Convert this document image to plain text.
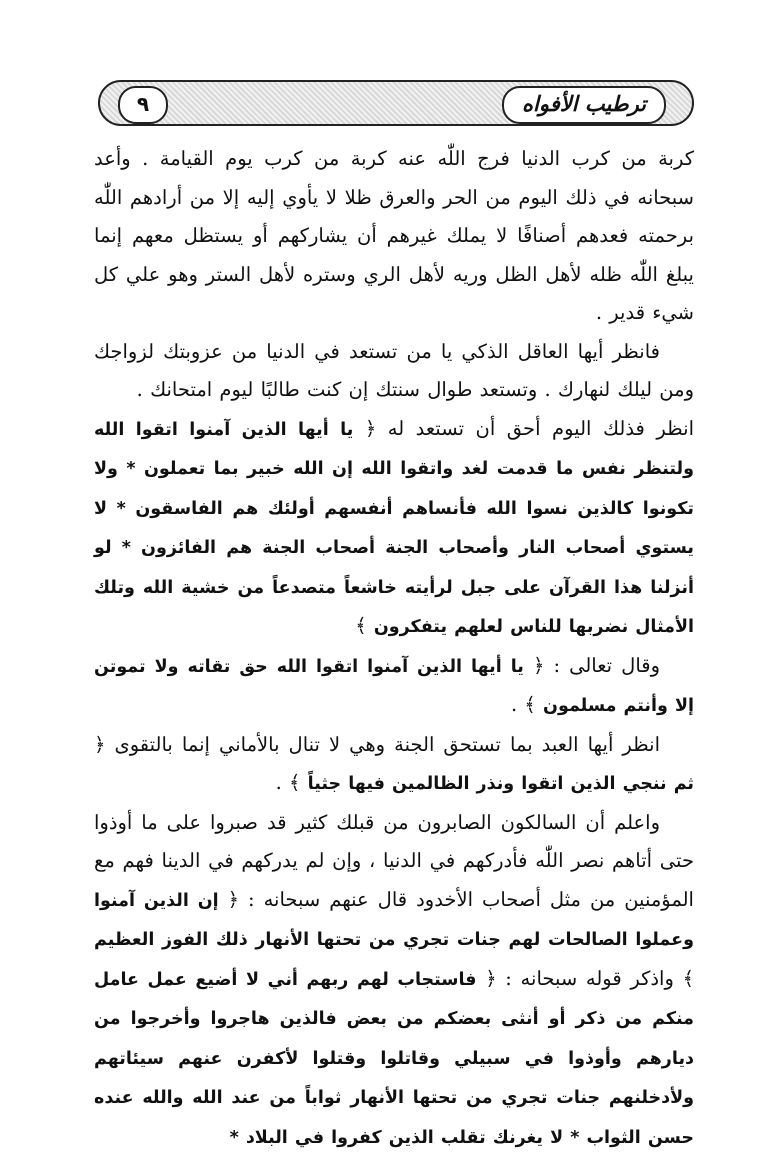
ترطيب الأفواه
٩

كربة من كرب الدنيا فرج اللّٰه عنه كربة من كرب يوم القيامة . وأعد سبحانه في ذلك اليوم من الحر والعرق ظلا لا يأوي إليه إلا من أرادهم اللّٰه برحمته فعدهم أصنافًا لا يملك غيرهم أن يشاركهم أو يستظل معهم إنما يبلغ اللّٰه ظله لأهل الظل وريه لأهل الري وستره لأهل الستر وهو علي كل شيء قدير .

فانظر أيها العاقل الذكي يا من تستعد في الدنيا من عزوبتك لزواجك ومن ليلك لنهارك . وتستعد طوال سنتك إن كنت طالبًا ليوم امتحانك .

انظر فذلك اليوم أحق أن تستعد له ﴿ يا أيها الذين آمنوا اتقوا الله ولتنظر نفس ما قدمت لغد واتقوا الله إن الله خبير بما تعملون * ولا تكونوا كالذين نسوا الله فأنساهم أنفسهم أولئك هم الفاسقون * لا يستوي أصحاب النار وأصحاب الجنة أصحاب الجنة هم الفائزون * لو أنزلنا هذا القرآن على جبل لرأيته خاشعاً متصدعاً من خشية الله وتلك الأمثال نضربها للناس لعلهم يتفكرون ﴾

وقال تعالى : ﴿ يا أيها الذين آمنوا اتقوا الله حق تقاته ولا تموتن إلا وأنتم مسلمون ﴾ .

انظر أيها العبد بما تستحق الجنة وهي لا تنال بالأماني إنما بالتقوى ﴿ ثم ننجي الذين اتقوا ونذر الظالمين فيها جثياً ﴾ .

واعلم أن السالكون الصابرون من قبلك كثير قد صبروا على ما أوذوا حتى أتاهم نصر اللّٰه فأدركهم في الدنيا ، وإن لم يدركهم في الدينا فهم مع المؤمنين من مثل أصحاب الأخدود قال عنهم سبحانه : ﴿ إن الذين آمنوا وعملوا الصالحات لهم جنات تجري من تحتها الأنهار ذلك الفوز العظيم ﴾ واذكر قوله سبحانه : ﴿ فاستجاب لهم ربهم أني لا أضيع عمل عامل منكم من ذكر أو أنثى بعضكم من بعض فالذين هاجروا وأخرجوا من ديارهم وأوذوا في سبيلي وقاتلوا وقتلوا لأكفرن عنهم سيئاتهم ولأدخلنهم جنات تجري من تحتها الأنهار ثواباً من عند الله والله عنده حسن الثواب * لا يغرنك تقلب الذين كفروا في البلاد *
